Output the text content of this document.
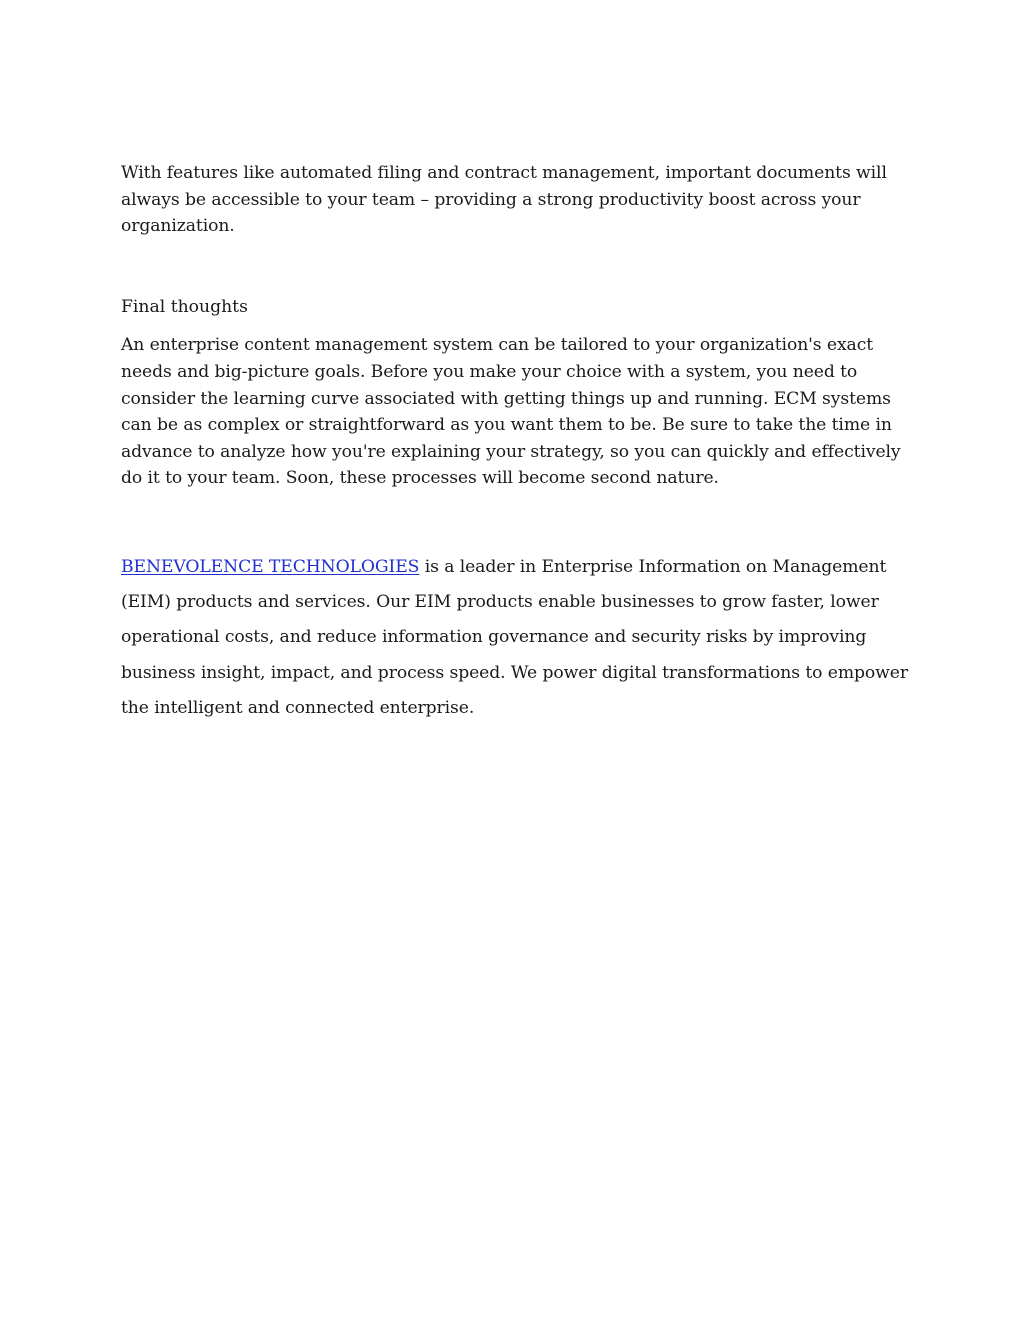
With features like automated filing and contract management, important documents will always be accessible to your team – providing a strong productivity boost across your organization.

Final thoughts

An enterprise content management system can be tailored to your organization's exact needs and big-picture goals. Before you make your choice with a system, you need to consider the learning curve associated with getting things up and running. ECM systems can be as complex or straightforward as you want them to be. Be sure to take the time in advance to analyze how you're explaining your strategy, so you can quickly and effectively do it to your team. Soon, these processes will become second nature.

BENEVOLENCE TECHNOLOGIES is a leader in Enterprise Information on Management (EIM) products and services. Our EIM products enable businesses to grow faster, lower operational costs, and reduce information governance and security risks by improving business insight, impact, and process speed. We power digital transformations to empower the intelligent and connected enterprise.
